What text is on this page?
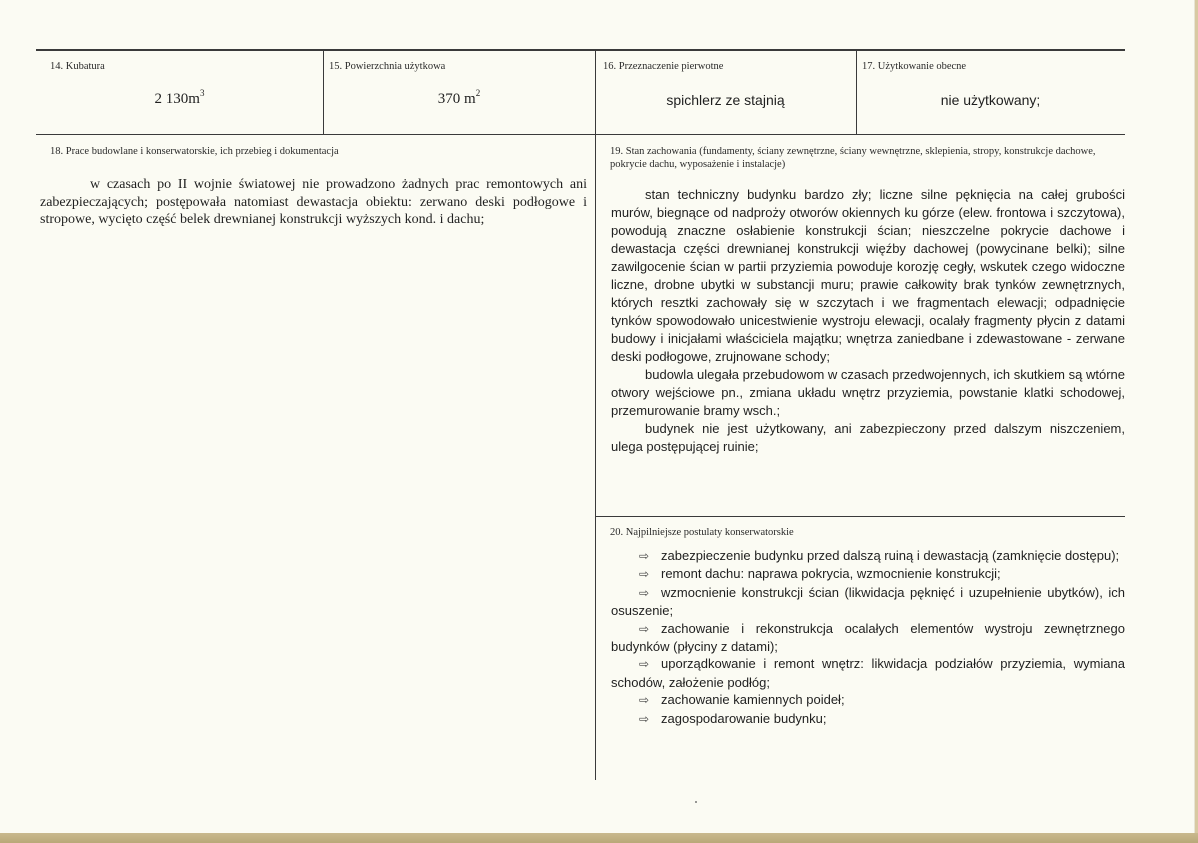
14. Kubatura
2 $130m^3$
15. Powierzchnia użytkowa
370 $m^2$
16. Przeznaczenie pierwotne
spichlerz ze stajnią
17. Użytkowanie obecne
nie użytkowany;
18. Prace budowlane i konserwatorskie, ich przebieg i dokumentacja

w czasach po II wojnie światowej nie prowadzono żadnych prac remontowych ani zabezpieczających; postępowała natomiast dewastacja obiektu: zerwano deski podłogowe i stropowe, wycięto część belek drewnianej konstrukcji wyższych kond. i dachu;

19. Stan zachowania (fundamenty, ściany zewnętrzne, ściany wewnętrzne, sklepienia, stropy, konstrukcje dachowe, pokrycie dachu, wyposażenie i instalacje)

stan techniczny budynku bardzo zły; liczne silne pęknięcia na całej grubości murów, biegnące od nadproży otworów okiennych ku górze (elew. frontowa i szczytowa), powodują znaczne osłabienie konstrukcji ścian; nieszczelne pokrycie dachowe i dewastacja części drewnianej konstrukcji więźby dachowej (powycinane belki); silne zawilgocenie ścian w partii przyziemia powoduje korozję cegły, wskutek czego widoczne liczne, drobne ubytki w substancji muru; prawie całkowity brak tynków zewnętrznych, których resztki zachowały się w szczytach i we fragmentach elewacji; odpadnięcie tynków spowodowało unicestwienie wystroju elewacji, ocalały fragmenty płycin z datami budowy i inicjałami właściciela majątku; wnętrza zaniedbane i zdewastowane - zerwane deski podłogowe, zrujnowane schody;

budowla ulegała przebudowom w czasach przedwojennych, ich skutkiem są wtórne otwory wejściowe pn., zmiana układu wnętrz przyziemia, powstanie klatki schodowej, przemurowanie bramy wsch.;

budynek nie jest użytkowany, ani zabezpieczony przed dalszym niszczeniem, ulega postępującej ruinie;

20. Najpilniejsze postulaty konserwatorskie
⇨ zabezpieczenie budynku przed dalszą ruiną i dewastacją (zamknięcie dostępu);
⇨ remont dachu: naprawa pokrycia, wzmocnienie konstrukcji;
⇨ wzmocnienie konstrukcji ścian (likwidacja pęknięć i uzupełnienie ubytków), ich osuszenie;
⇨ zachowanie i rekonstrukcja ocalałych elementów wystroju zewnętrznego budynków (płyciny z datami);
⇨ uporządkowanie i remont wnętrz: likwidacja podziałów przyziemia, wymiana schodów, założenie podłóg;
⇨ zachowanie kamiennych poideł;
⇨ zagospodarowanie budynku;
